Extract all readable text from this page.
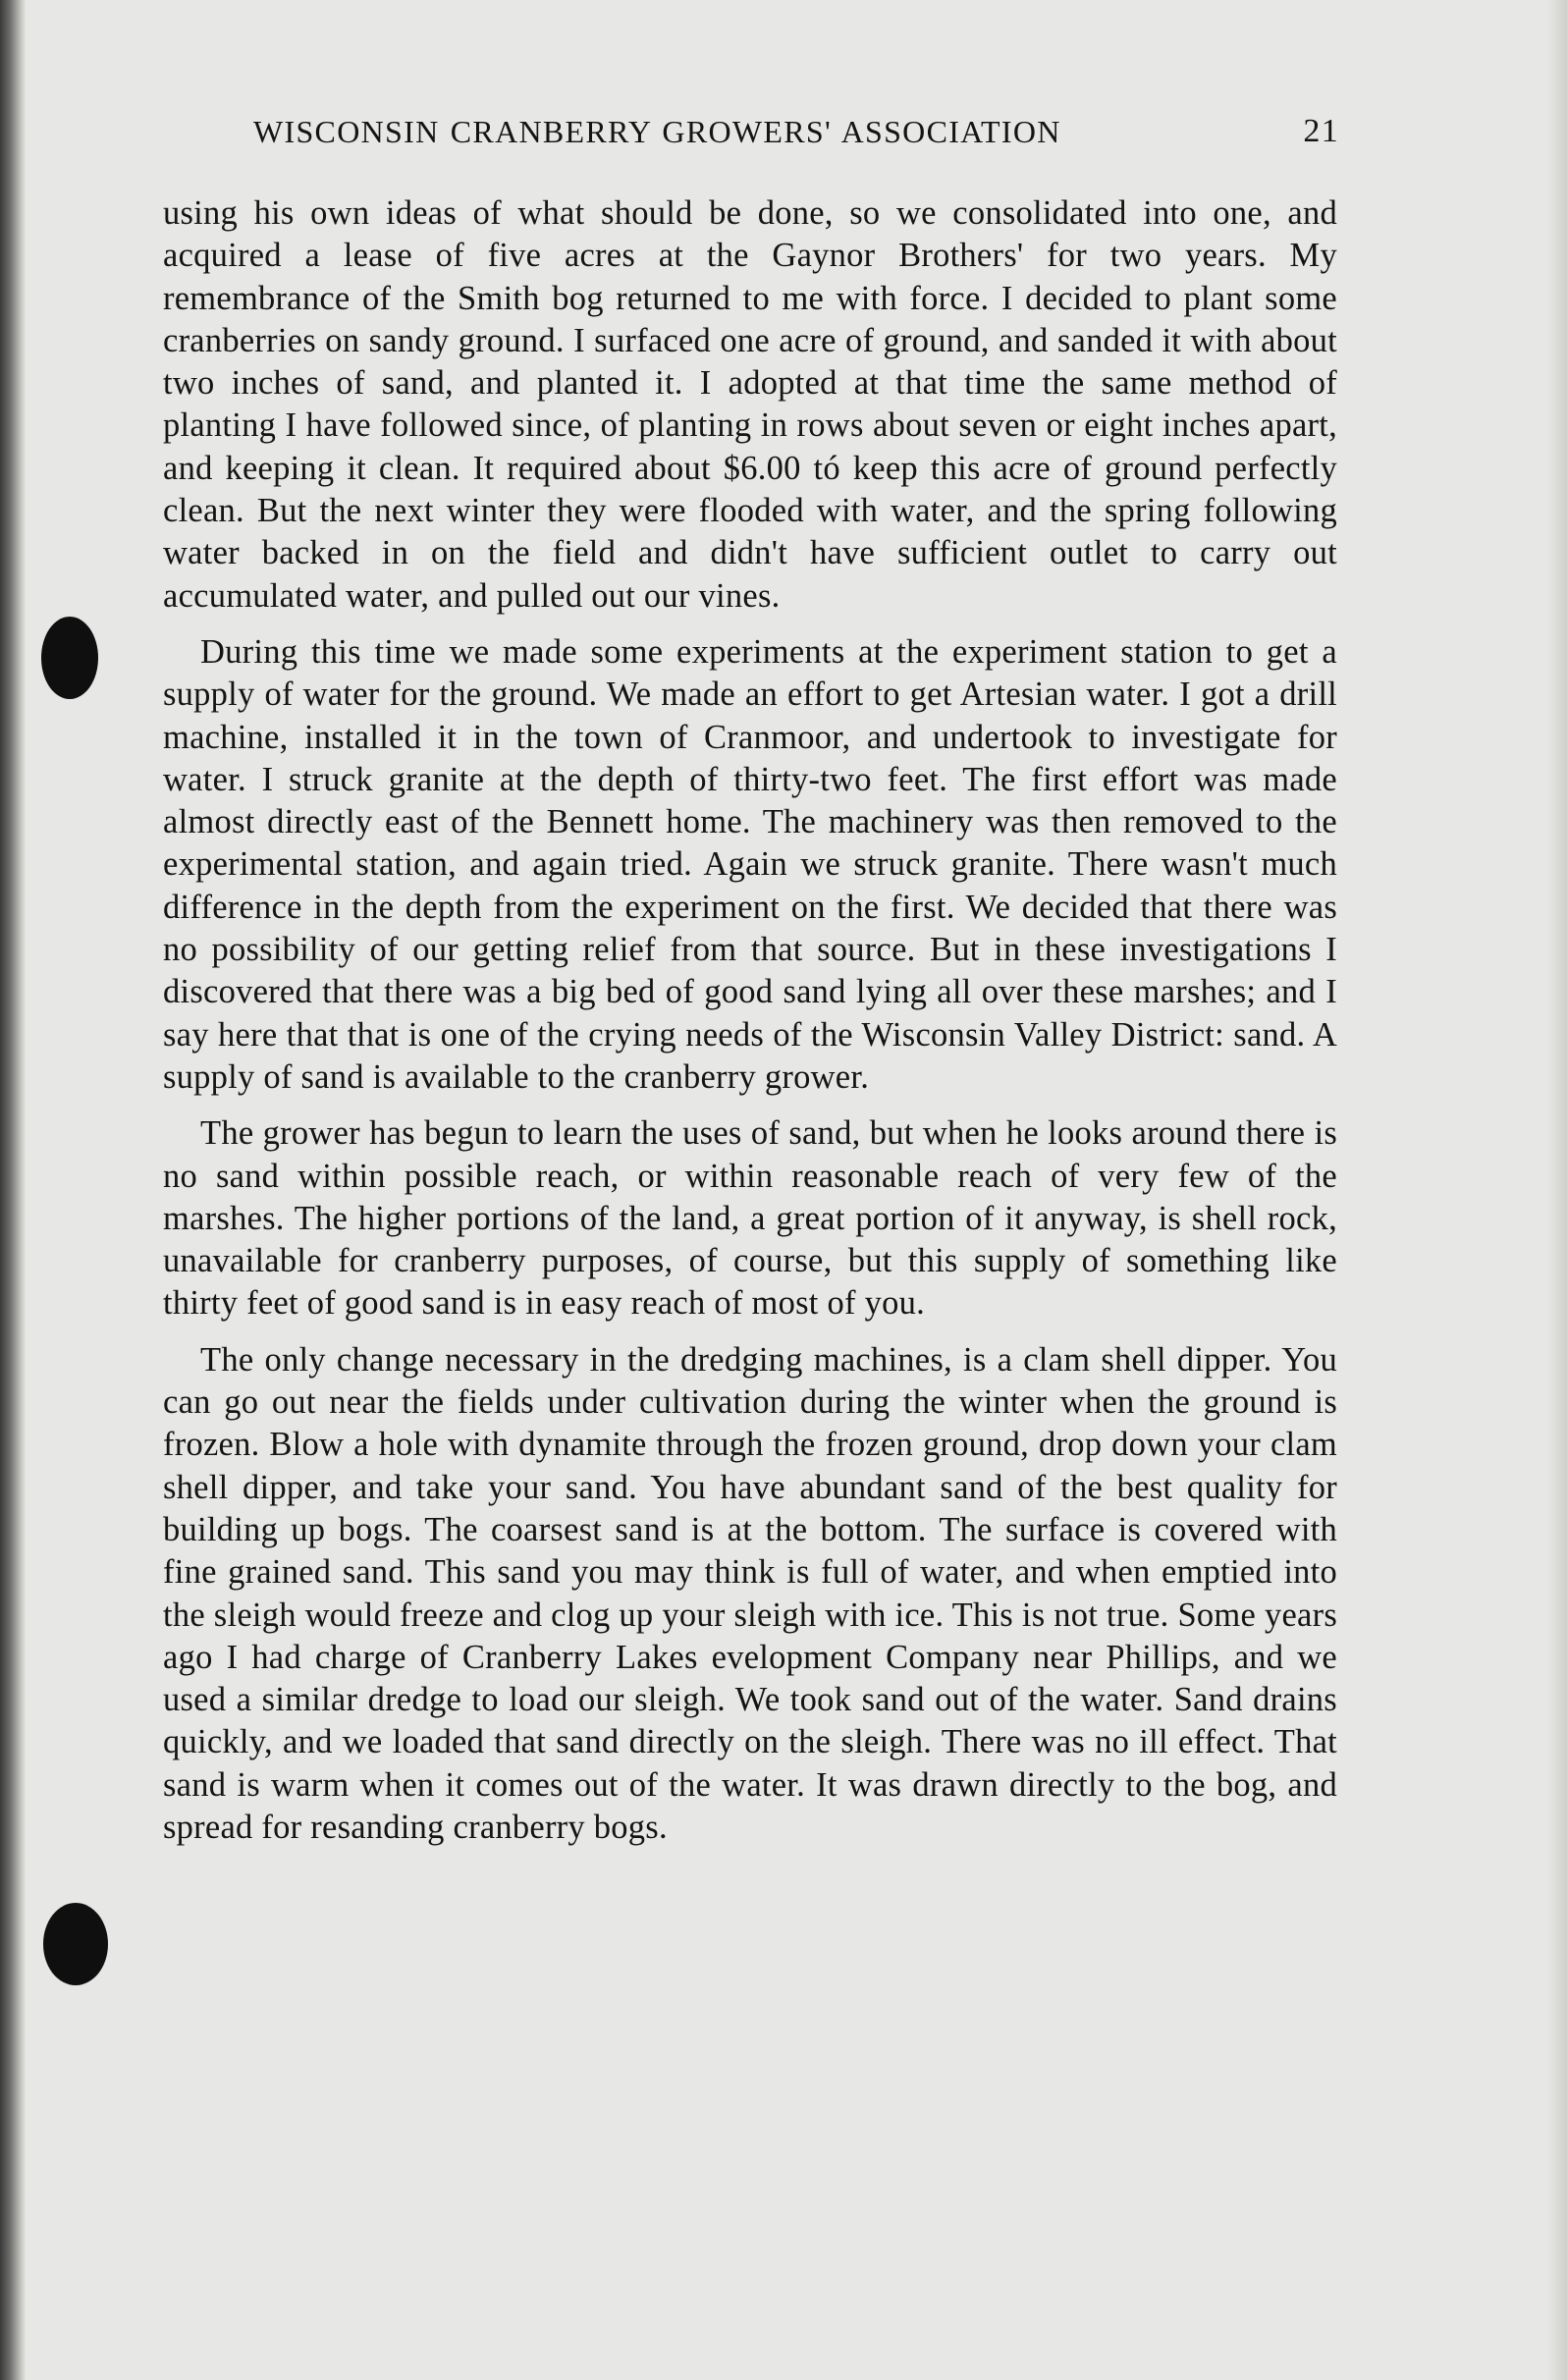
WISCONSIN CRANBERRY GROWERS' ASSOCIATION	21

using his own ideas of what should be done, so we consolidated into one, and acquired a lease of five acres at the Gaynor Brothers' for two years. My remembrance of the Smith bog returned to me with force. I decided to plant some cranberries on sandy ground. I surfaced one acre of ground, and sanded it with about two inches of sand, and planted it. I adopted at that time the same method of planting I have followed since, of planting in rows about seven or eight inches apart, and keeping it clean. It required about $6.00 tó keep this acre of ground perfectly clean. But the next winter they were flooded with water, and the spring following water backed in on the field and didn't have sufficient outlet to carry out accumulated water, and pulled out our vines.

During this time we made some experiments at the experiment station to get a supply of water for the ground. We made an effort to get Artesian water. I got a drill machine, installed it in the town of Cranmoor, and undertook to investigate for water. I struck granite at the depth of thirty-two feet. The first effort was made almost directly east of the Bennett home. The machinery was then removed to the experimental station, and again tried. Again we struck granite. There wasn't much difference in the depth from the experiment on the first. We decided that there was no possibility of our getting relief from that source. But in these investigations I discovered that there was a big bed of good sand lying all over these marshes; and I say here that that is one of the crying needs of the Wisconsin Valley District: sand. A supply of sand is available to the cranberry grower.

The grower has begun to learn the uses of sand, but when he looks around there is no sand within possible reach, or within reasonable reach of very few of the marshes. The higher portions of the land, a great portion of it anyway, is shell rock, unavailable for cranberry purposes, of course, but this supply of something like thirty feet of good sand is in easy reach of most of you.

The only change necessary in the dredging machines, is a clam shell dipper. You can go out near the fields under cultivation during the winter when the ground is frozen. Blow a hole with dynamite through the frozen ground, drop down your clam shell dipper, and take your sand. You have abundant sand of the best quality for building up bogs. The coarsest sand is at the bottom. The surface is covered with fine grained sand. This sand you may think is full of water, and when emptied into the sleigh would freeze and clog up your sleigh with ice. This is not true. Some years ago I had charge of Cranberry Lakes evelopment Company near Phillips, and we used a similar dredge to load our sleigh. We took sand out of the water. Sand drains quickly, and we loaded that sand directly on the sleigh. There was no ill effect. That sand is warm when it comes out of the water. It was drawn directly to the bog, and spread for resanding cranberry bogs.
